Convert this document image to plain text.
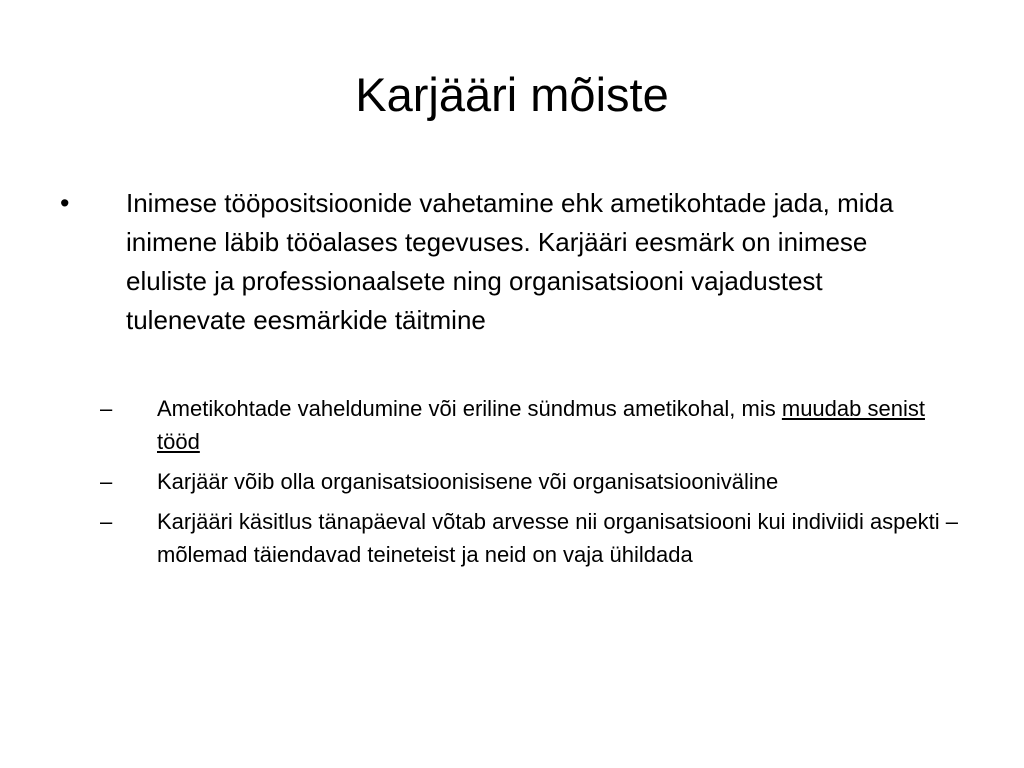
Karjääri mõiste
• Inimese tööpositsioonide vahetamine ehk ametikohtade jada, mida inimene läbib tööalases tegevuses. Karjääri eesmärk on inimese eluliste ja professionaalsete ning organisatsiooni vajadustest tulenevate eesmärkide täitmine
– Ametikohtade vaheldumine või eriline sündmus ametikohal, mis muudab senist tööd
– Karjäär võib olla organisatsioonisisene või organisatsiooniväline
– Karjääri käsitlus tänapäeval võtab arvesse nii organisatsiooni kui indiviidi aspekti – mõlemad täiendavad teineteist ja neid on vaja ühildada
